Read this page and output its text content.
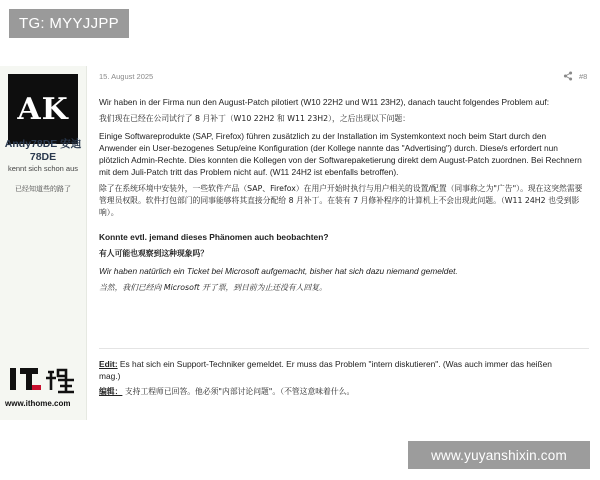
TG: MYYJJPP
AK
Andy78DE 安迪 78DE
kennt sich schon aus
已经知道些的路了
www.ithome.com
15. August 2025	#8

Wir haben in der Firma nun den August-Patch pilotiert (W10 22H2 und W11 23H2), danach taucht folgendes Problem auf:

我们现在已经在公司试行了 8 月补丁（W10 22H2 和 W11 23H2），之后出现以下问题：

Einige Softwareprodukte (SAP, Firefox) führen zusätzlich zu der Installation im Systemkontext noch beim Start durch den Anwender ein User-bezogenes Setup/eine Konfiguration (der Kollege nannte das "Advertising") durch. Diese/s erfordert nun plötzlich Admin-Rechte. Dies konnten die Kollegen von der Softwarepaketierung direkt dem August-Patch zuordnen. Bei Rechnern mit dem Juli-Patch tritt das Problem nicht auf. (W11 24H2 ist ebenfalls betroffen).

除了在系统环境中安装外，一些软件产品（SAP、Firefox）在用户开始时执行与用户相关的设置/配置（同事称之为"广告"）。现在这突然需要管理员权限。软件打包部门的同事能够将其直接分配给 8 月补丁。在装有 7 月修补程序的计算机上不会出现此问题。（W11 24H2 也受到影响）。

Konnte evtl. jemand dieses Phänomen auch beobachten?

有人可能也观察到这种现象吗？

Wir haben natürlich ein Ticket bei Microsoft aufgemacht, bisher hat sich dazu niemand gemeldet.

当然，我们已经向 Microsoft 开了票，到目前为止还没有人回复。

Edit: Es hat sich ein Support-Techniker gemeldet. Er muss das Problem "intern diskutieren". (Was auch immer das heißen mag.)

编辑： 支持工程师已回答。他必须"内部讨论问题"。（不管这意味着什么。

www.yuyanshixin.com
